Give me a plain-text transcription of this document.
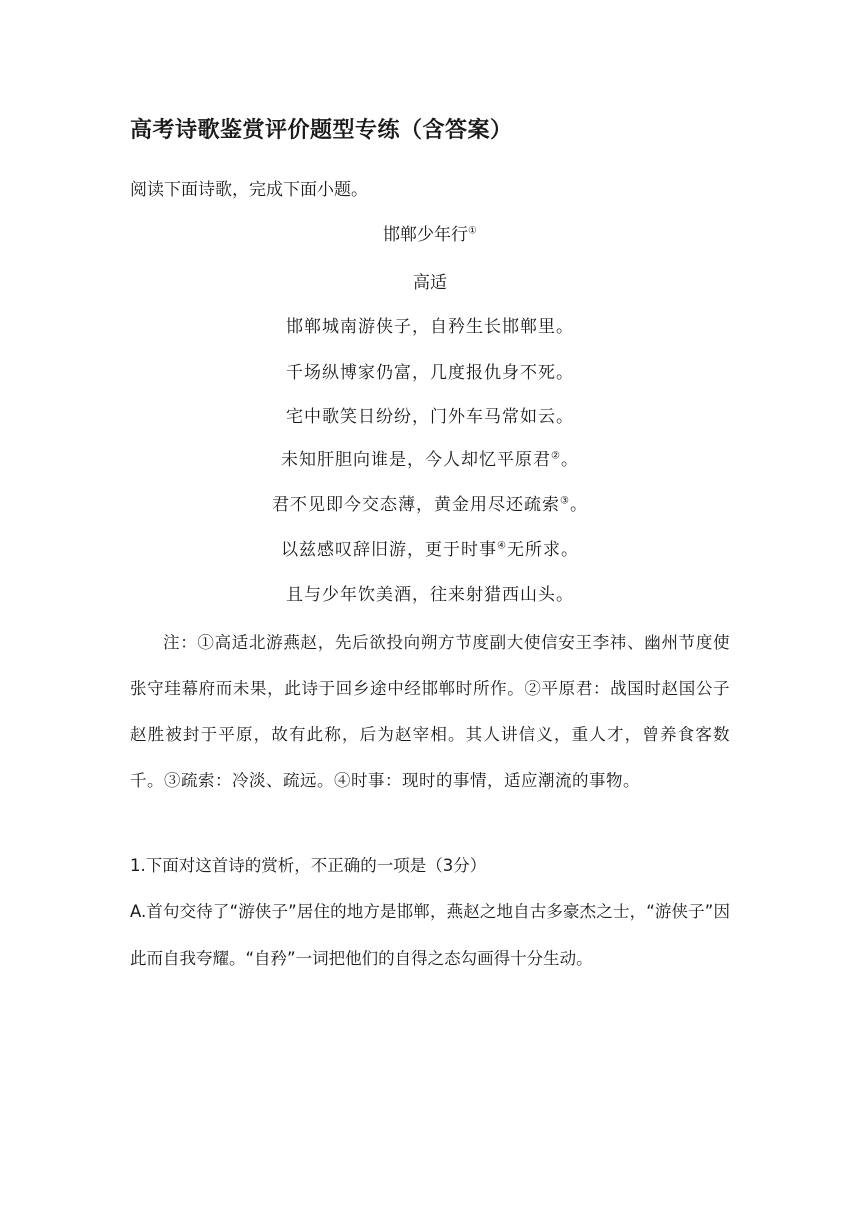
高考诗歌鉴赏评价题型专练（含答案）
阅读下面诗歌，完成下面小题。
邯郸少年行①
高适
邯郸城南游侠子，自矜生长邯郸里。
千场纵博家仍富，几度报仇身不死。
宅中歌笑日纷纷，门外车马常如云。
未知肝胆向谁是，今人却忆平原君②。
君不见即今交态薄，黄金用尽还疏索③。
以兹感叹辞旧游，更于时事④无所求。
且与少年饮美酒，往来射猎西山头。
注：①高适北游燕赵，先后欲投向朔方节度副大使信安王李祎、幽州节度使张守珪幕府而未果，此诗于回乡途中经邯郸时所作。②平原君：战国时赵国公子赵胜被封于平原，故有此称，后为赵宰相。其人讲信义，重人才，曾养食客数千。③疏索：冷淡、疏远。④时事：现时的事情，适应潮流的事物。
1.下面对这首诗的赏析，不正确的一项是（3分）
A.首句交待了“游侠子”居住的地方是邯郸，燕赵之地自古多豪杰之士，“游侠子”因此而自我夸耀。“自矜”一词把他们的自得之态勾画得十分生动。
